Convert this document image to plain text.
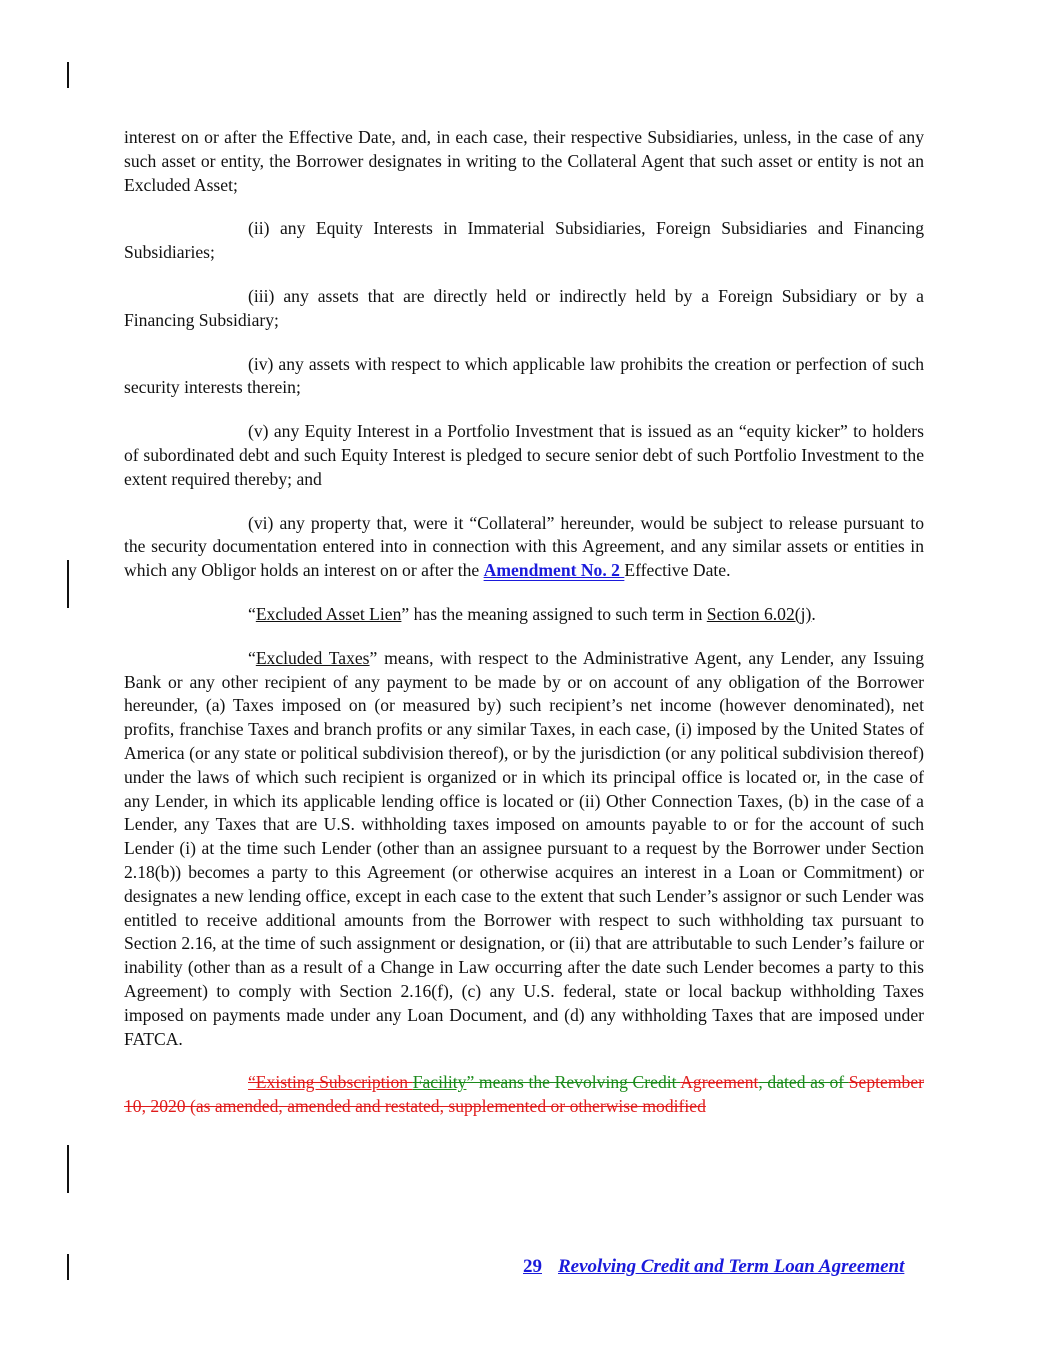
interest on or after the Effective Date, and, in each case, their respective Subsidiaries, unless, in the case of any such asset or entity, the Borrower designates in writing to the Collateral Agent that such asset or entity is not an Excluded Asset;

(ii) any Equity Interests in Immaterial Subsidiaries, Foreign Subsidiaries and Financing Subsidiaries;

(iii) any assets that are directly held or indirectly held by a Foreign Subsidiary or by a Financing Subsidiary;

(iv) any assets with respect to which applicable law prohibits the creation or perfection of such security interests therein;

(v) any Equity Interest in a Portfolio Investment that is issued as an “equity kicker” to holders of subordinated debt and such Equity Interest is pledged to secure senior debt of such Portfolio Investment to the extent required thereby; and

(vi) any property that, were it “Collateral” hereunder, would be subject to release pursuant to the security documentation entered into in connection with this Agreement, and any similar assets or entities in which any Obligor holds an interest on or after the Amendment No. 2 Effective Date.

“Excluded Asset Lien” has the meaning assigned to such term in Section 6.02(j).

“Excluded Taxes” means, with respect to the Administrative Agent, any Lender, any Issuing Bank or any other recipient of any payment to be made by or on account of any obligation of the Borrower hereunder, (a) Taxes imposed on (or measured by) such recipient’s net income (however denominated), net profits, franchise Taxes and branch profits or any similar Taxes, in each case, (i) imposed by the United States of America (or any state or political subdivision thereof), or by the jurisdiction (or any political subdivision thereof) under the laws of which such recipient is organized or in which its principal office is located or, in the case of any Lender, in which its applicable lending office is located or (ii) Other Connection Taxes, (b) in the case of a Lender, any Taxes that are U.S. withholding taxes imposed on amounts payable to or for the account of such Lender (i) at the time such Lender (other than an assignee pursuant to a request by the Borrower under Section 2.18(b)) becomes a party to this Agreement (or otherwise acquires an interest in a Loan or Commitment) or designates a new lending office, except in each case to the extent that such Lender’s assignor or such Lender was entitled to receive additional amounts from the Borrower with respect to such withholding tax pursuant to Section 2.16, at the time of such assignment or designation, or (ii) that are attributable to such Lender’s failure or inability (other than as a result of a Change in Law occurring after the date such Lender becomes a party to this Agreement) to comply with Section 2.16(f), (c) any U.S. federal, state or local backup withholding Taxes imposed on payments made under any Loan Document, and (d) any withholding Taxes that are imposed under FATCA.

“Existing Subscription Facility” means the Revolving Credit Agreement, dated as of September 10, 2020 (as amended, amended and restated, supplemented or otherwise modified

29 Revolving Credit and Term Loan Agreement
